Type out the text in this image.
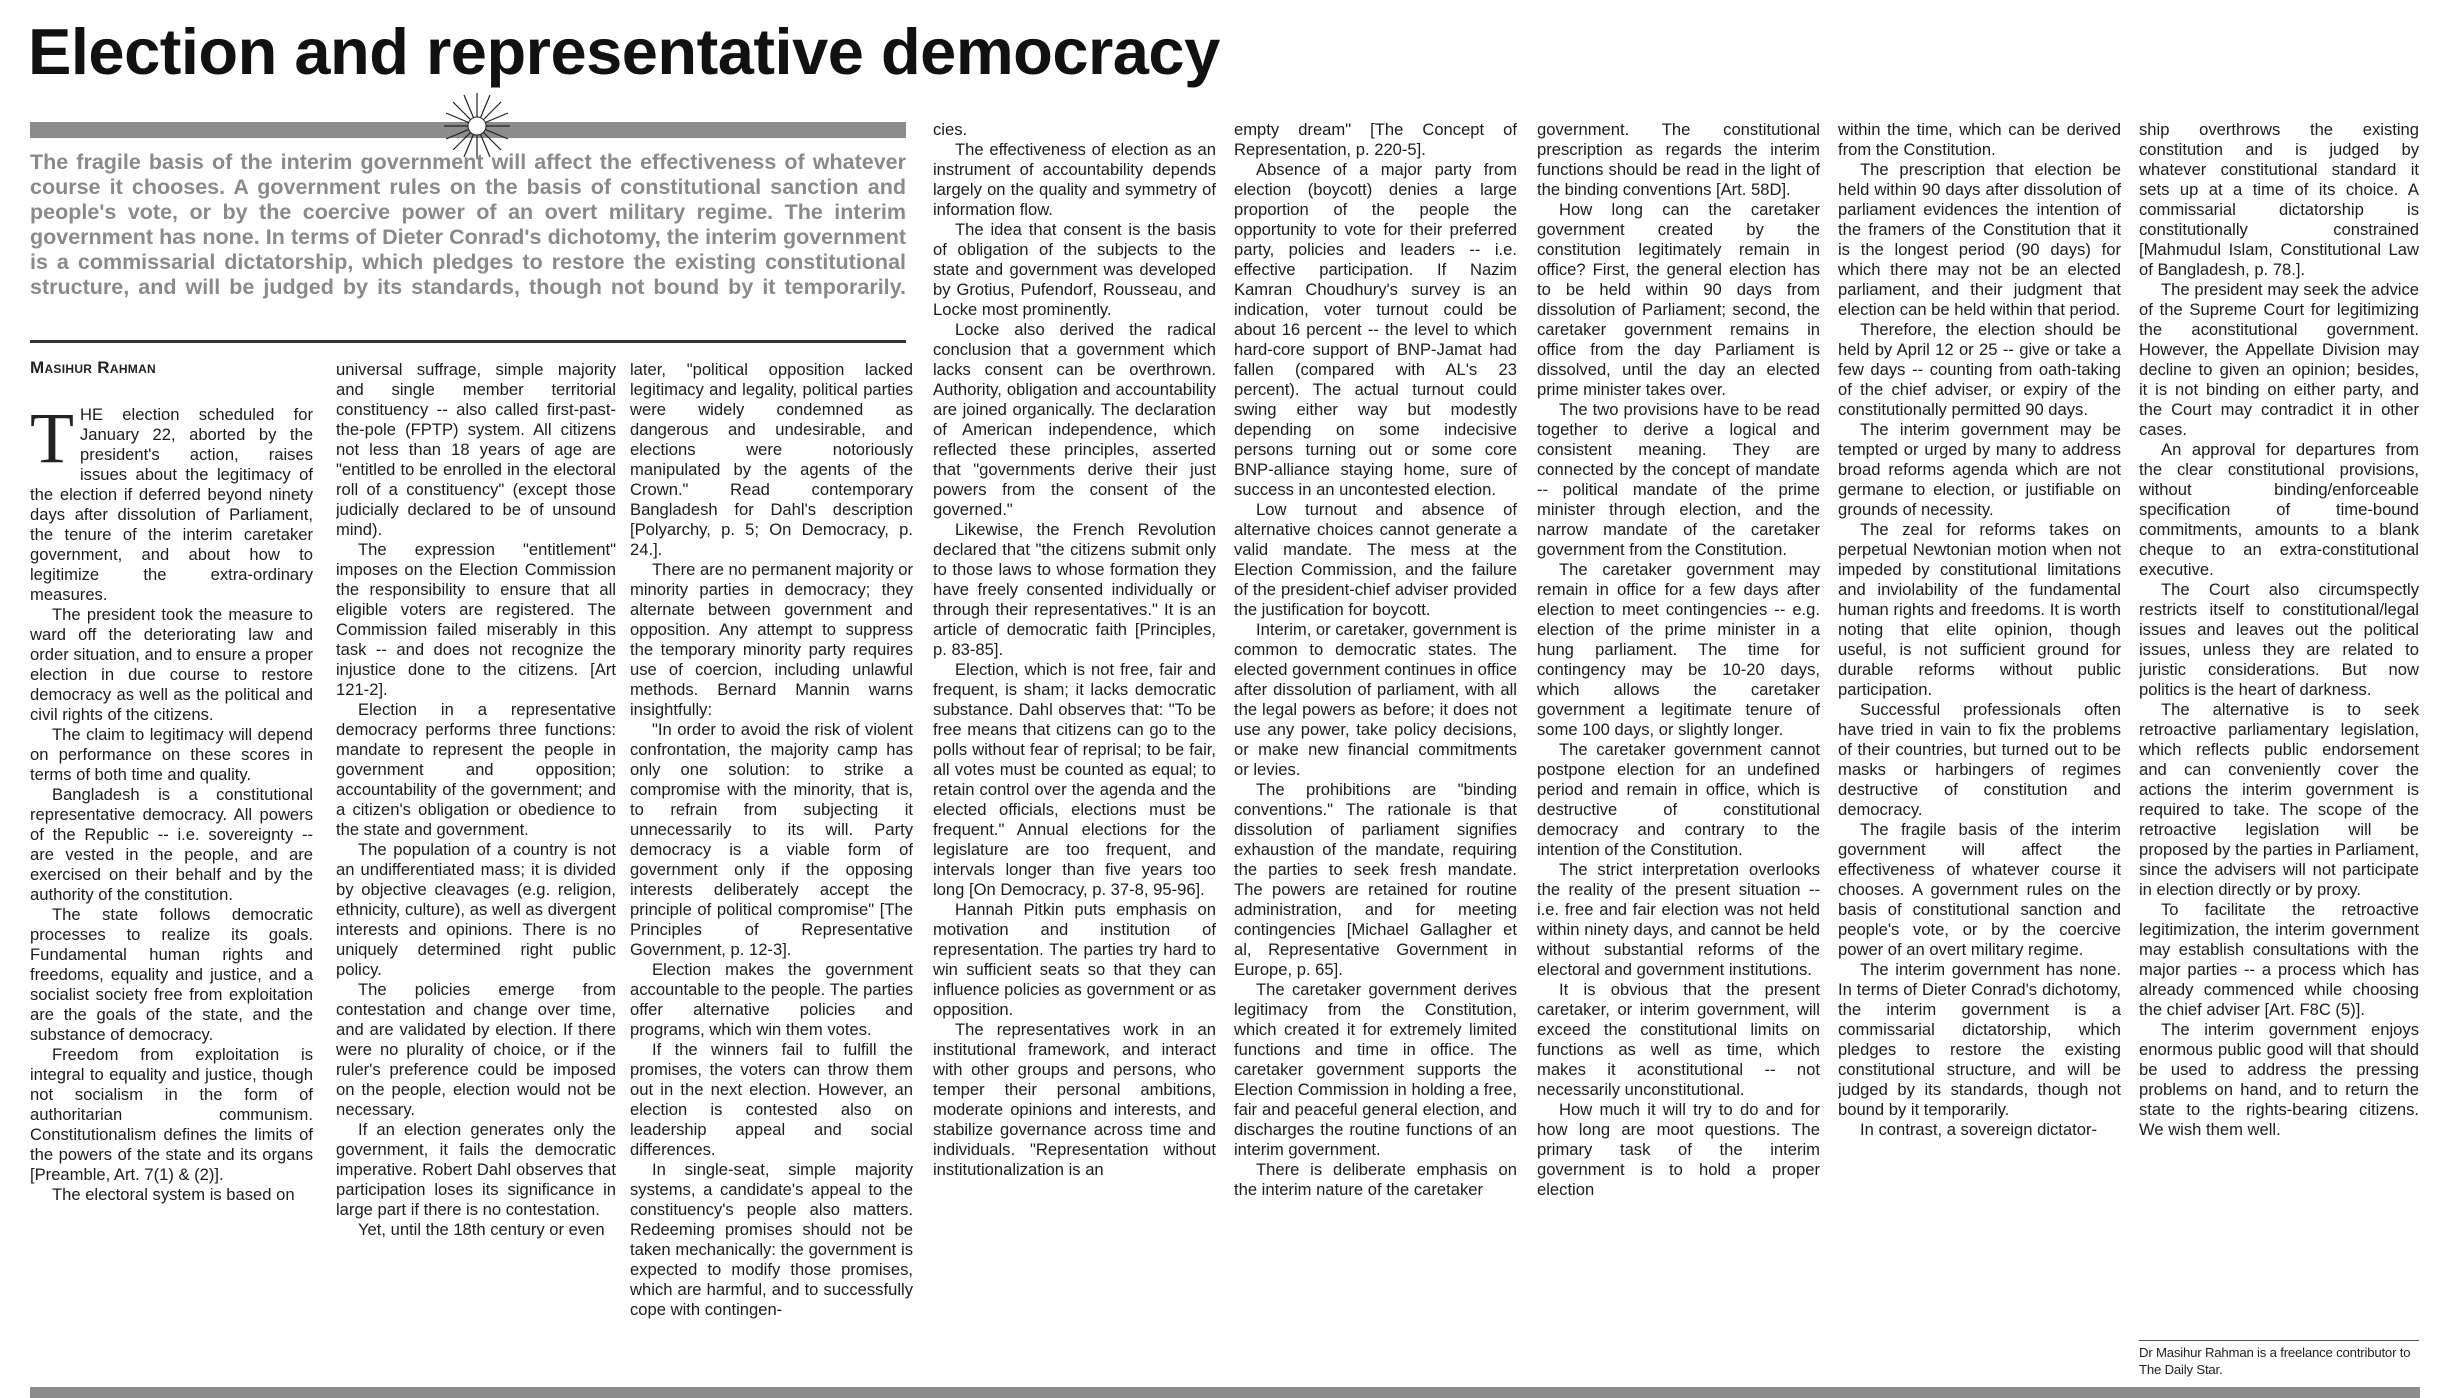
Election and representative democracy
The fragile basis of the interim government will affect the effectiveness of whatever course it chooses. A government rules on the basis of constitutional sanction and people's vote, or by the coercive power of an overt military regime. The interim government has none. In terms of Dieter Conrad's dichotomy, the interim government is a commissarial dictatorship, which pledges to restore the existing constitutional structure, and will be judged by its standards, though not bound by it temporarily.
Masihur Rahman
T HE election scheduled for January 22, aborted by the president's action, raises issues about the legitimacy of the election if deferred beyond ninety days after dissolution of Parliament, the tenure of the interim caretaker government, and about how to legitimize the extra-ordinary measures.

The president took the measure to ward off the deteriorating law and order situation, and to ensure a proper election in due course to restore democracy as well as the political and civil rights of the citizens.

The claim to legitimacy will depend on performance on these scores in terms of both time and quality.

Bangladesh is a constitutional representative democracy. All powers of the Republic -- i.e. sovereignty -- are vested in the people, and are exercised on their behalf and by the authority of the constitution.

The state follows democratic processes to realize its goals. Fundamental human rights and freedoms, equality and justice, and a socialist society free from exploitation are the goals of the state, and the substance of democracy.

Freedom from exploitation is integral to equality and justice, though not socialism in the form of authoritarian communism. Constitutionalism defines the limits of the powers of the state and its organs [Preamble, Art. 7(1) & (2)].

The electoral system is based on

universal suffrage, simple majority and single member territorial constituency -- also called first-past-the-pole (FPTP) system. All citizens not less than 18 years of age are "entitled to be enrolled in the electoral roll of a constituency" (except those judicially declared to be of unsound mind).

The expression "entitlement" imposes on the Election Commission the responsibility to ensure that all eligible voters are registered. The Commission failed miserably in this task -- and does not recognize the injustice done to the citizens. [Art 121-2].

Election in a representative democracy performs three functions: mandate to represent the people in government and opposition; accountability of the government; and a citizen's obligation or obedience to the state and government.

The population of a country is not an undifferentiated mass; it is divided by objective cleavages (e.g. religion, ethnicity, culture), as well as divergent interests and opinions. There is no uniquely determined right public policy.

The policies emerge from contestation and change over time, and are validated by election. If there were no plurality of choice, or if the ruler's preference could be imposed on the people, election would not be necessary.

If an election generates only the government, it fails the democratic imperative. Robert Dahl observes that participation loses its significance in large part if there is no contestation.

Yet, until the 18th century or even

later, "political opposition lacked legitimacy and legality, political parties were widely condemned as dangerous and undesirable, and elections were notoriously manipulated by the agents of the Crown." Read contemporary Bangladesh for Dahl's description [Polyarchy, p. 5; On Democracy, p. 24.].

There are no permanent majority or minority parties in democracy; they alternate between government and opposition. Any attempt to suppress the temporary minority party requires use of coercion, including unlawful methods. Bernard Mannin warns insightfully:

"In order to avoid the risk of violent confrontation, the majority camp has only one solution: to strike a compromise with the minority, that is, to refrain from subjecting it unnecessarily to its will. Party democracy is a viable form of government only if the opposing interests deliberately accept the principle of political compromise" [The Principles of Representative Government, p. 12-3].

Election makes the government accountable to the people. The parties offer alternative policies and programs, which win them votes.

If the winners fail to fulfill the promises, the voters can throw them out in the next election. However, an election is contested also on leadership appeal and social differences.

In single-seat, simple majority systems, a candidate's appeal to the constituency's people also matters. Redeeming promises should not be taken mechanically: the government is expected to modify those promises, which are harmful, and to successfully cope with contingen-

cies.

The effectiveness of election as an instrument of accountability depends largely on the quality and symmetry of information flow.

The idea that consent is the basis of obligation of the subjects to the state and government was developed by Grotius, Pufendorf, Rousseau, and Locke most prominently.

Locke also derived the radical conclusion that a government which lacks consent can be overthrown. Authority, obligation and accountability are joined organically. The declaration of American independence, which reflected these principles, asserted that "governments derive their just powers from the consent of the governed."

Likewise, the French Revolution declared that "the citizens submit only to those laws to whose formation they have freely consented individually or through their representatives." It is an article of democratic faith [Principles, p. 83-85].

Election, which is not free, fair and frequent, is sham; it lacks democratic substance. Dahl observes that: "To be free means that citizens can go to the polls without fear of reprisal; to be fair, all votes must be counted as equal; to retain control over the agenda and the elected officials, elections must be frequent." Annual elections for the legislature are too frequent, and intervals longer than five years too long [On Democracy, p. 37-8, 95-96].

Hannah Pitkin puts emphasis on motivation and institution of representation. The parties try hard to win sufficient seats so that they can influence policies as government or as opposition.

The representatives work in an institutional framework, and interact with other groups and persons, who temper their personal ambitions, moderate opinions and interests, and stabilize governance across time and individuals. "Representation without institutionalization is an

empty dream" [The Concept of Representation, p. 220-5].

Absence of a major party from election (boycott) denies a large proportion of the people the opportunity to vote for their preferred party, policies and leaders -- i.e. effective participation. If Nazim Kamran Choudhury's survey is an indication, voter turnout could be about 16 percent -- the level to which hard-core support of BNP-Jamat had fallen (compared with AL's 23 percent). The actual turnout could swing either way but modestly depending on some indecisive persons turning out or some core BNP-alliance staying home, sure of success in an uncontested election.

Low turnout and absence of alternative choices cannot generate a valid mandate. The mess at the Election Commission, and the failure of the president-chief adviser provided the justification for boycott.

Interim, or caretaker, government is common to democratic states. The elected government continues in office after dissolution of parliament, with all the legal powers as before; it does not use any power, take policy decisions, or make new financial commitments or levies.

The prohibitions are "binding conventions." The rationale is that dissolution of parliament signifies exhaustion of the mandate, requiring the parties to seek fresh mandate. The powers are retained for routine administration, and for meeting contingencies [Michael Gallagher et al, Representative Government in Europe, p. 65].

The caretaker government derives legitimacy from the Constitution, which created it for extremely limited functions and time in office. The caretaker government supports the Election Commission in holding a free, fair and peaceful general election, and discharges the routine functions of an interim government.

There is deliberate emphasis on the interim nature of the caretaker

government. The constitutional prescription as regards the interim functions should be read in the light of the binding conventions [Art. 58D].

How long can the caretaker government created by the constitution legitimately remain in office? First, the general election has to be held within 90 days from dissolution of Parliament; second, the caretaker government remains in office from the day Parliament is dissolved, until the day an elected prime minister takes over.

The two provisions have to be read together to derive a logical and consistent meaning. They are connected by the concept of mandate -- political mandate of the prime minister through election, and the narrow mandate of the caretaker government from the Constitution.

The caretaker government may remain in office for a few days after election to meet contingencies -- e.g. election of the prime minister in a hung parliament. The time for contingency may be 10-20 days, which allows the caretaker government a legitimate tenure of some 100 days, or slightly longer.

The caretaker government cannot postpone election for an undefined period and remain in office, which is destructive of constitutional democracy and contrary to the intention of the Constitution.

The strict interpretation overlooks the reality of the present situation -- i.e. free and fair election was not held within ninety days, and cannot be held without substantial reforms of the electoral and government institutions.

It is obvious that the present caretaker, or interim government, will exceed the constitutional limits on functions as well as time, which makes it aconstitutional -- not necessarily unconstitutional.

How much it will try to do and for how long are moot questions. The primary task of the interim government is to hold a proper election

within the time, which can be derived from the Constitution.

The prescription that election be held within 90 days after dissolution of parliament evidences the intention of the framers of the Constitution that it is the longest period (90 days) for which there may not be an elected parliament, and their judgment that election can be held within that period.

Therefore, the election should be held by April 12 or 25 -- give or take a few days -- counting from oath-taking of the chief adviser, or expiry of the constitutionally permitted 90 days.

The interim government may be tempted or urged by many to address broad reforms agenda which are not germane to election, or justifiable on grounds of necessity.

The zeal for reforms takes on perpetual Newtonian motion when not impeded by constitutional limitations and inviolability of the fundamental human rights and freedoms. It is worth noting that elite opinion, though useful, is not sufficient ground for durable reforms without public participation.

Successful professionals often have tried in vain to fix the problems of their countries, but turned out to be masks or harbingers of regimes destructive of constitution and democracy.

The fragile basis of the interim government will affect the effectiveness of whatever course it chooses. A government rules on the basis of constitutional sanction and people's vote, or by the coercive power of an overt military regime.

The interim government has none. In terms of Dieter Conrad's dichotomy, the interim government is a commissarial dictatorship, which pledges to restore the existing constitutional structure, and will be judged by its standards, though not bound by it temporarily.

In contrast, a sovereign dictator-

ship overthrows the existing constitution and is judged by whatever constitutional standard it sets up at a time of its choice. A commissarial dictatorship is constitutionally constrained [Mahmudul Islam, Constitutional Law of Bangladesh, p. 78.].

The president may seek the advice of the Supreme Court for legitimizing the aconstitutional government. However, the Appellate Division may decline to given an opinion; besides, it is not binding on either party, and the Court may contradict it in other cases.

An approval for departures from the clear constitutional provisions, without binding/enforceable specification of time-bound commitments, amounts to a blank cheque to an extra-constitutional executive.

The Court also circumspectly restricts itself to constitutional/legal issues and leaves out the political issues, unless they are related to juristic considerations. But now politics is the heart of darkness.

The alternative is to seek retroactive parliamentary legislation, which reflects public endorsement and can conveniently cover the actions the interim government is required to take. The scope of the retroactive legislation will be proposed by the parties in Parliament, since the advisers will not participate in election directly or by proxy.

To facilitate the retroactive legitimization, the interim government may establish consultations with the major parties -- a process which has already commenced while choosing the chief adviser [Art. F8C (5)].

The interim government enjoys enormous public good will that should be used to address the pressing problems on hand, and to return the state to the rights-bearing citizens. We wish them well.

Dr Masihur Rahman is a freelance contributor to The Daily Star.
